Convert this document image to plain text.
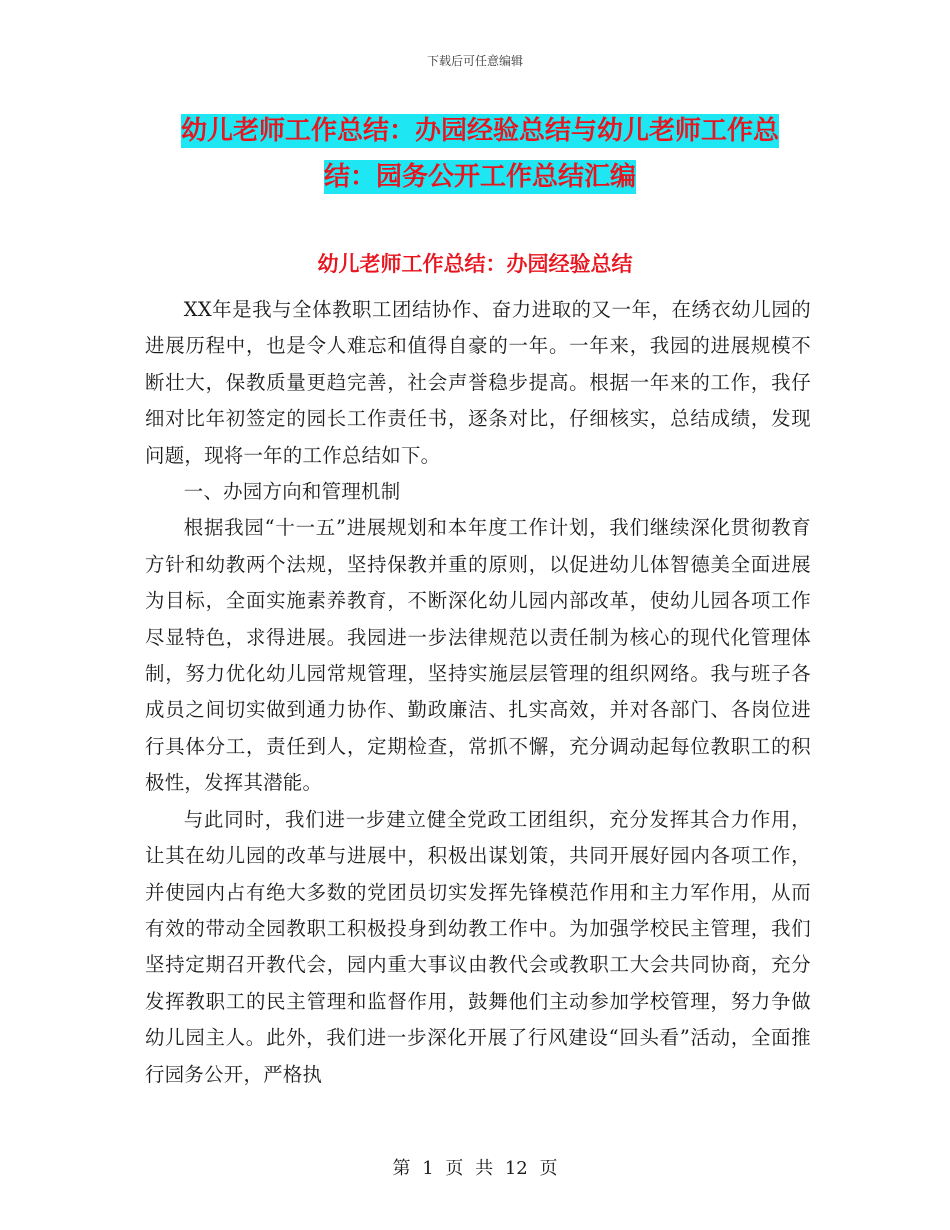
下载后可任意编辑
幼儿老师工作总结：办园经验总结与幼儿老师工作总
结：园务公开工作总结汇编
幼儿老师工作总结：办园经验总结

XX年是我与全体教职工团结协作、奋力进取的又一年，在绣衣幼儿园的进展历程中，也是令人难忘和值得自豪的一年。一年来，我园的进展规模不断壮大，保教质量更趋完善，社会声誉稳步提高。根据一年来的工作，我仔细对比年初签定的园长工作责任书，逐条对比，仔细核实，总结成绩，发现问题，现将一年的工作总结如下。

一、办园方向和管理机制

根据我园“十一五”进展规划和本年度工作计划，我们继续深化贯彻教育方针和幼教两个法规，坚持保教并重的原则，以促进幼儿体智德美全面进展为目标，全面实施素养教育，不断深化幼儿园内部改革，使幼儿园各项工作尽显特色，求得进展。我园进一步法律规范以责任制为核心的现代化管理体制，努力优化幼儿园常规管理，坚持实施层层管理的组织网络。我与班子各成员之间切实做到通力协作、勤政廉洁、扎实高效，并对各部门、各岗位进行具体分工，责任到人，定期检查，常抓不懈，充分调动起每位教职工的积极性，发挥其潜能。

与此同时，我们进一步建立健全党政工团组织，充分发挥其合力作用，让其在幼儿园的改革与进展中，积极出谋划策，共同开展好园内各项工作，并使园内占有绝大多数的党团员切实发挥先锋模范作用和主力军作用，从而有效的带动全园教职工积极投身到幼教工作中。为加强学校民主管理，我们坚持定期召开教代会，园内重大事议由教代会或教职工大会共同协商，充分发挥教职工的民主管理和监督作用，鼓舞他们主动参加学校管理，努力争做幼儿园主人。此外，我们进一步深化开展了行风建设“回头看”活动，全面推行园务公开，严格执

第 1 页 共 12 页
